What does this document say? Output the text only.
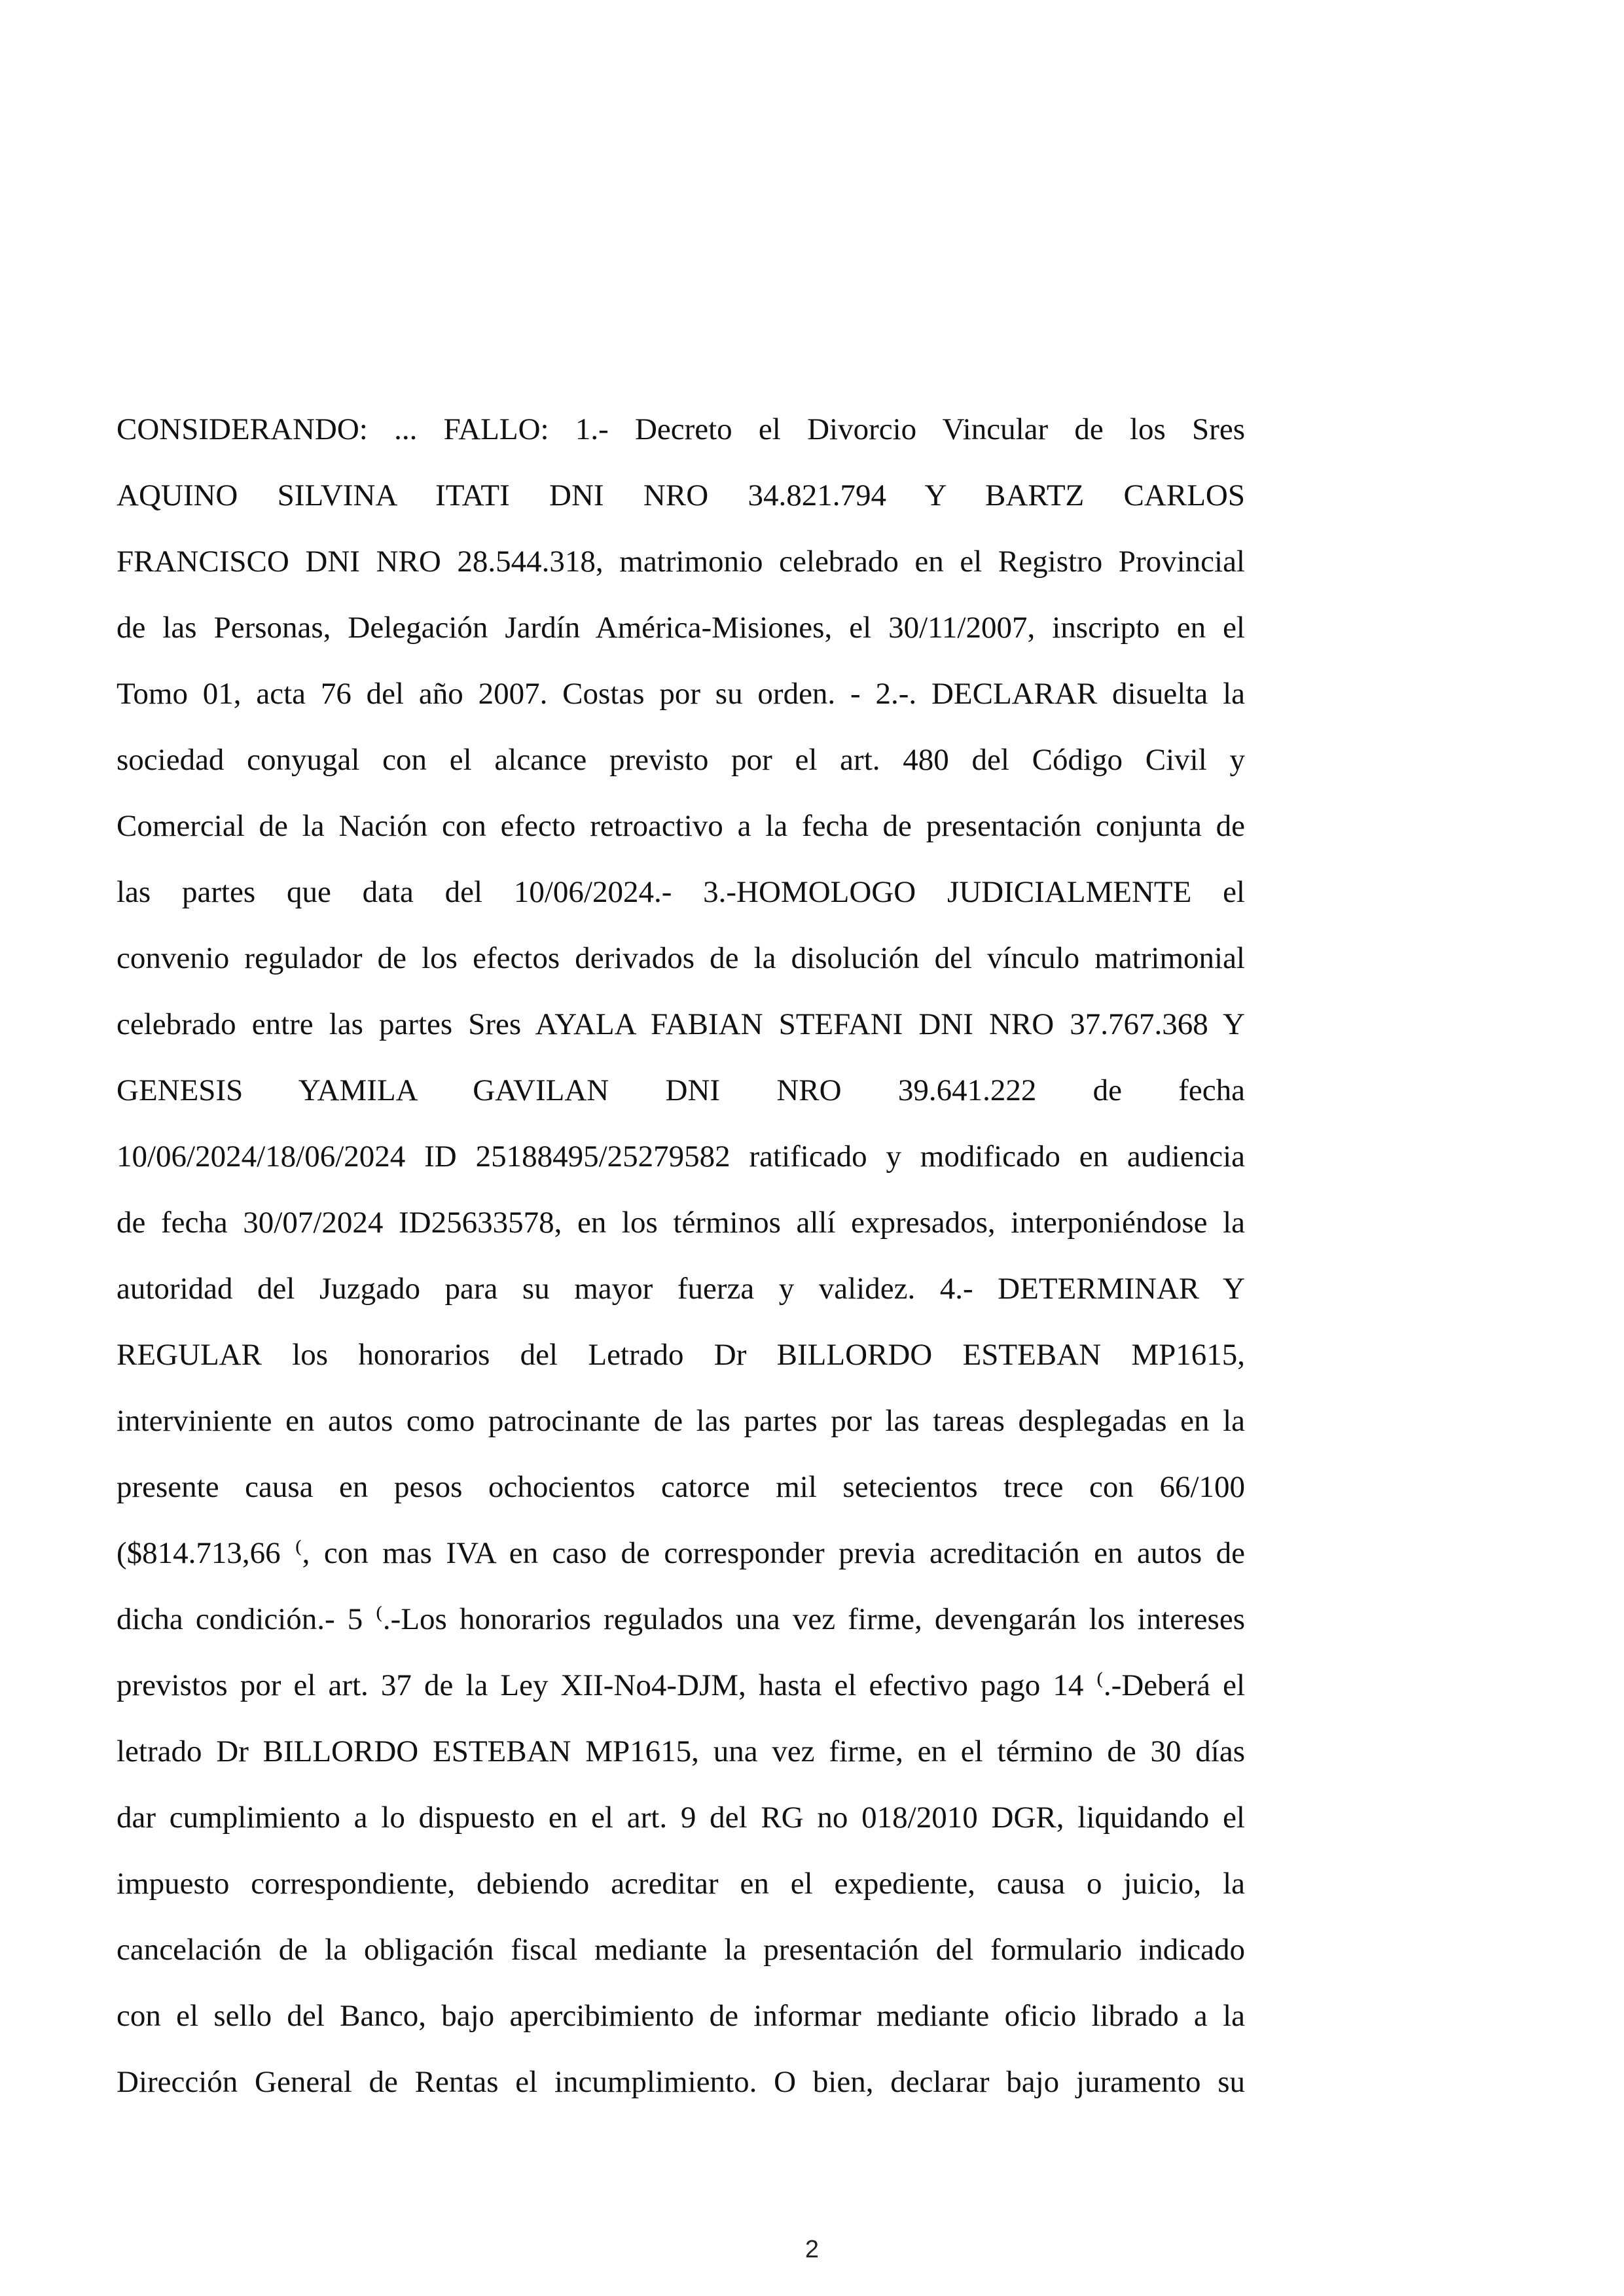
CONSIDERANDO: ... FALLO: 1.- Decreto el Divorcio Vincular de los Sres
AQUINO SILVINA ITATI DNI NRO 34.821.794 Y BARTZ CARLOS
FRANCISCO DNI NRO 28.544.318, matrimonio celebrado en el Registro Provincial
de las Personas, Delegación Jardín América-Misiones, el 30/11/2007, inscripto en el
Tomo 01, acta 76 del año 2007. Costas por su orden. - 2.-. DECLARAR disuelta la
sociedad conyugal con el alcance previsto por el art. 480 del Código Civil y
Comercial de la Nación con efecto retroactivo a la fecha de presentación conjunta de
las partes que data del 10/06/2024.- 3.-HOMOLOGO JUDICIALMENTE el
convenio regulador de los efectos derivados de la disolución del vínculo matrimonial
celebrado entre las partes Sres AYALA FABIAN STEFANI DNI NRO 37.767.368 Y
GENESIS YAMILA GAVILAN DNI NRO 39.641.222 de fecha
10/06/2024/18/06/2024 ID 25188495/25279582 ratificado y modificado en audiencia
de fecha 30/07/2024 ID25633578, en los términos allí expresados, interponiéndose la
autoridad del Juzgado para su mayor fuerza y validez. 4.- DETERMINAR Y
REGULAR los honorarios del Letrado Dr BILLORDO ESTEBAN MP1615,
interviniente en autos como patrocinante de las partes por las tareas desplegadas en la
presente causa en pesos ochocientos catorce mil setecientos trece con 66/100
($814.713,66 ⁽, con mas IVA en caso de corresponder previa acreditación en autos de
dicha condición.- 5 ⁽.-Los honorarios regulados una vez firme, devengarán los intereses
previstos por el art. 37 de la Ley XII-No4-DJM, hasta el efectivo pago 14 ⁽.-Deberá el
letrado Dr BILLORDO ESTEBAN MP1615, una vez firme, en el término de 30 días
dar cumplimiento a lo dispuesto en el art. 9 del RG no 018/2010 DGR, liquidando el
impuesto correspondiente, debiendo acreditar en el expediente, causa o juicio, la
cancelación de la obligación fiscal mediante la presentación del formulario indicado
con el sello del Banco, bajo apercibimiento de informar mediante oficio librado a la
Dirección General de Rentas el incumplimiento. O bien, declarar bajo juramento su
2
